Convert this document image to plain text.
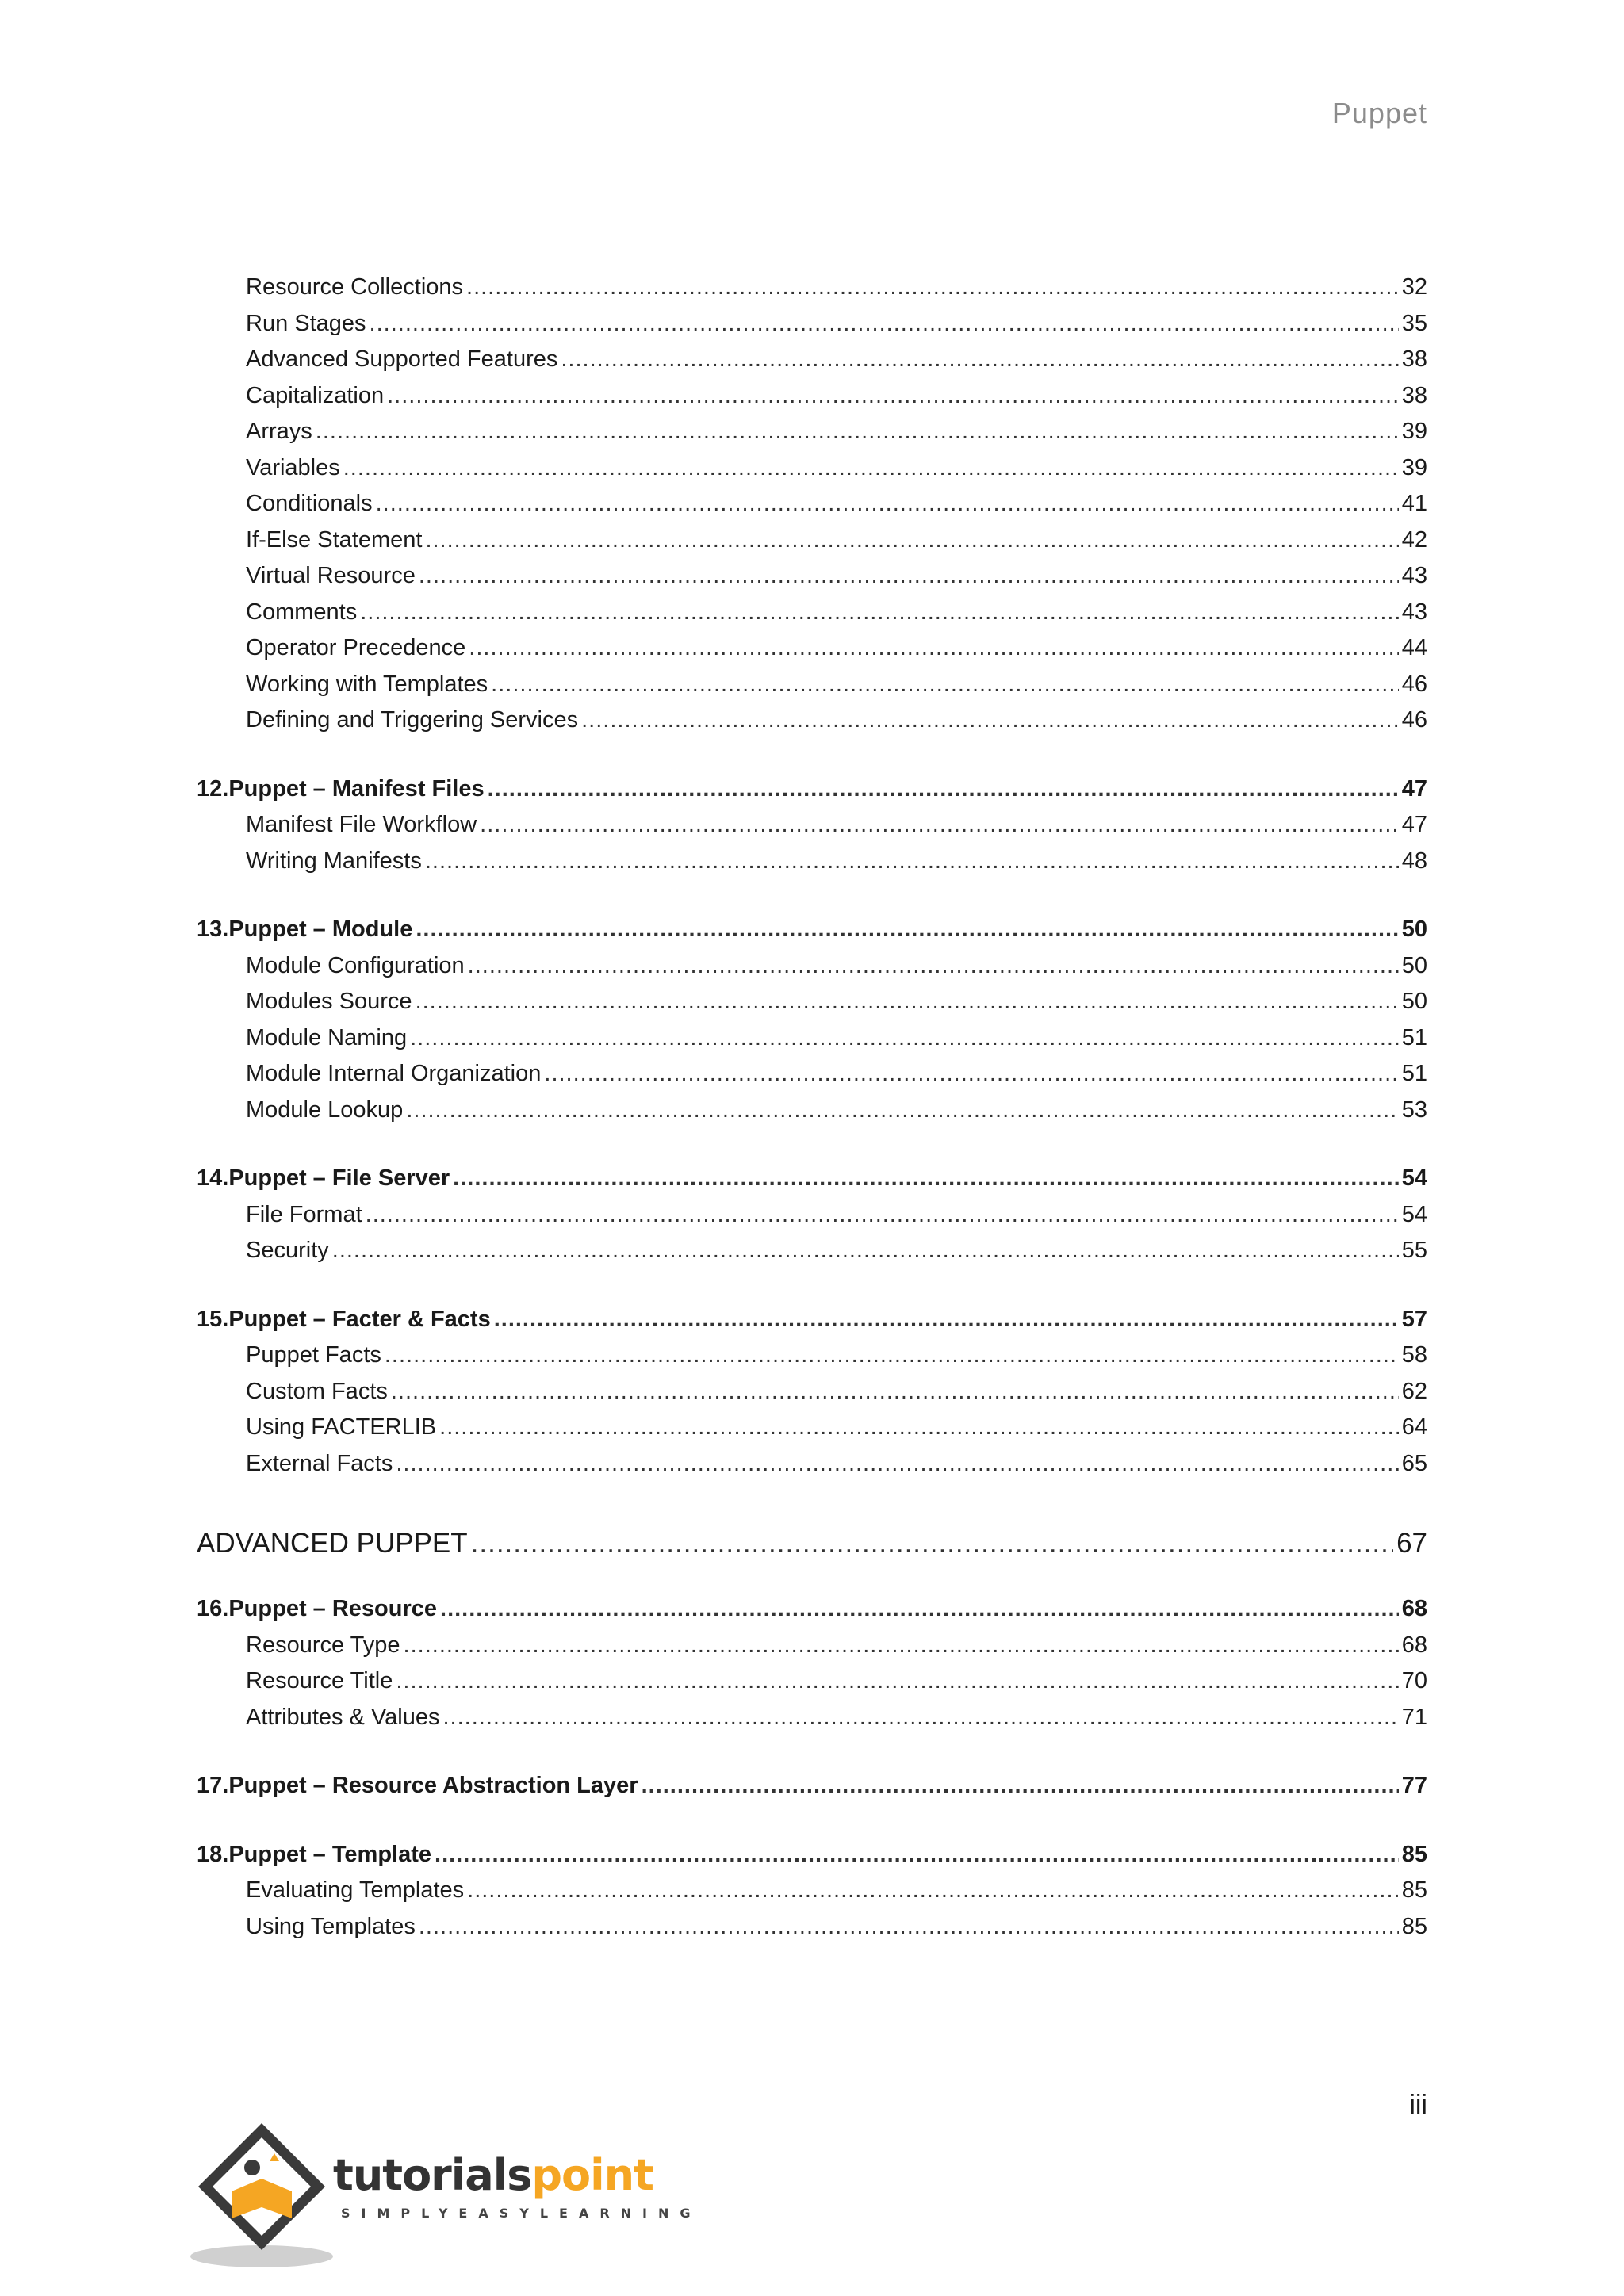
Puppet
Resource Collections .....	32
Run Stages .....	35
Advanced Supported Features .....	38
Capitalization .....	38
Arrays .....	39
Variables .....	39
Conditionals .....	41
If-Else Statement .....	42
Virtual Resource .....	43
Comments .....	43
Operator Precedence .....	44
Working with Templates .....	46
Defining and Triggering Services .....	46
12. Puppet – Manifest Files .....	47
Manifest File Workflow .....	47
Writing Manifests .....	48
13. Puppet – Module .....	50
Module Configuration .....	50
Modules Source .....	50
Module Naming .....	51
Module Internal Organization .....	51
Module Lookup .....	53
14. Puppet – File Server .....	54
File Format .....	54
Security .....	55
15. Puppet – Facter & Facts .....	57
Puppet Facts .....	58
Custom Facts .....	62
Using FACTERLIB .....	64
External Facts .....	65
ADVANCED PUPPET .....	67
16. Puppet – Resource .....	68
Resource Type .....	68
Resource Title .....	70
Attributes & Values .....	71
17. Puppet – Resource Abstraction Layer .....	77
18. Puppet – Template .....	85
Evaluating Templates .....	85
Using Templates .....	85
iii
tutorialspoint
SIMPLYEASYLEARNING
